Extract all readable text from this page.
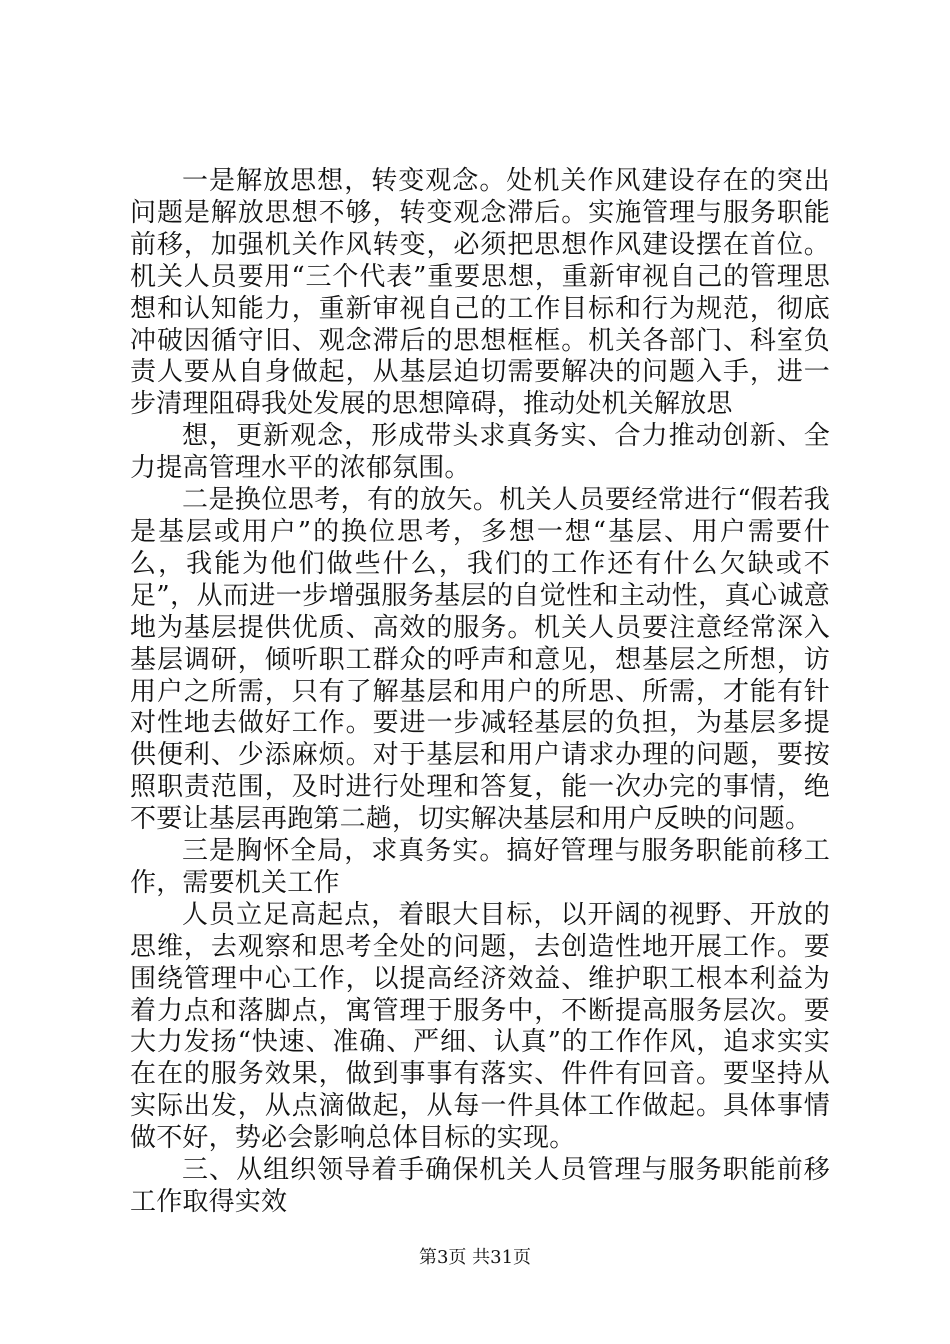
一是解放思想，转变观念。处机关作风建设存在的突出问题是解放思想不够，转变观念滞后。实施管理与服务职能前移，加强机关作风转变，必须把思想作风建设摆在首位。机关人员要用“三个代表”重要思想，重新审视自己的管理思想和认知能力，重新审视自己的工作目标和行为规范，彻底冲破因循守旧、观念滞后的思想框框。机关各部门、科室负责人要从自身做起，从基层迫切需要解决的问题入手，进一步清理阻碍我处发展的思想障碍，推动处机关解放思

想，更新观念，形成带头求真务实、合力推动创新、全力提高管理水平的浓郁氛围。

二是换位思考，有的放矢。机关人员要经常进行“假若我是基层或用户”的换位思考，多想一想“基层、用户需要什么，我能为他们做些什么，我们的工作还有什么欠缺或不足”，从而进一步增强服务基层的自觉性和主动性，真心诚意地为基层提供优质、高效的服务。机关人员要注意经常深入基层调研，倾听职工群众的呼声和意见，想基层之所想，访用户之所需，只有了解基层和用户的所思、所需，才能有针对性地去做好工作。要进一步减轻基层的负担，为基层多提供便利、少添麻烦。对于基层和用户请求办理的问题，要按照职责范围，及时进行处理和答复，能一次办完的事情，绝不要让基层再跑第二趟，切实解决基层和用户反映的问题。

三是胸怀全局，求真务实。搞好管理与服务职能前移工作，需要机关工作

人员立足高起点，着眼大目标，以开阔的视野、开放的思维，去观察和思考全处的问题，去创造性地开展工作。要围绕管理中心工作，以提高经济效益、维护职工根本利益为着力点和落脚点，寓管理于服务中，不断提高服务层次。要大力发扬“快速、准确、严细、认真”的工作作风，追求实实在在的服务效果，做到事事有落实、件件有回音。要坚持从实际出发，从点滴做起，从每一件具体工作做起。具体事情做不好，势必会影响总体目标的实现。

三、从组织领导着手确保机关人员管理与服务职能前移工作取得实效

第3页 共31页
